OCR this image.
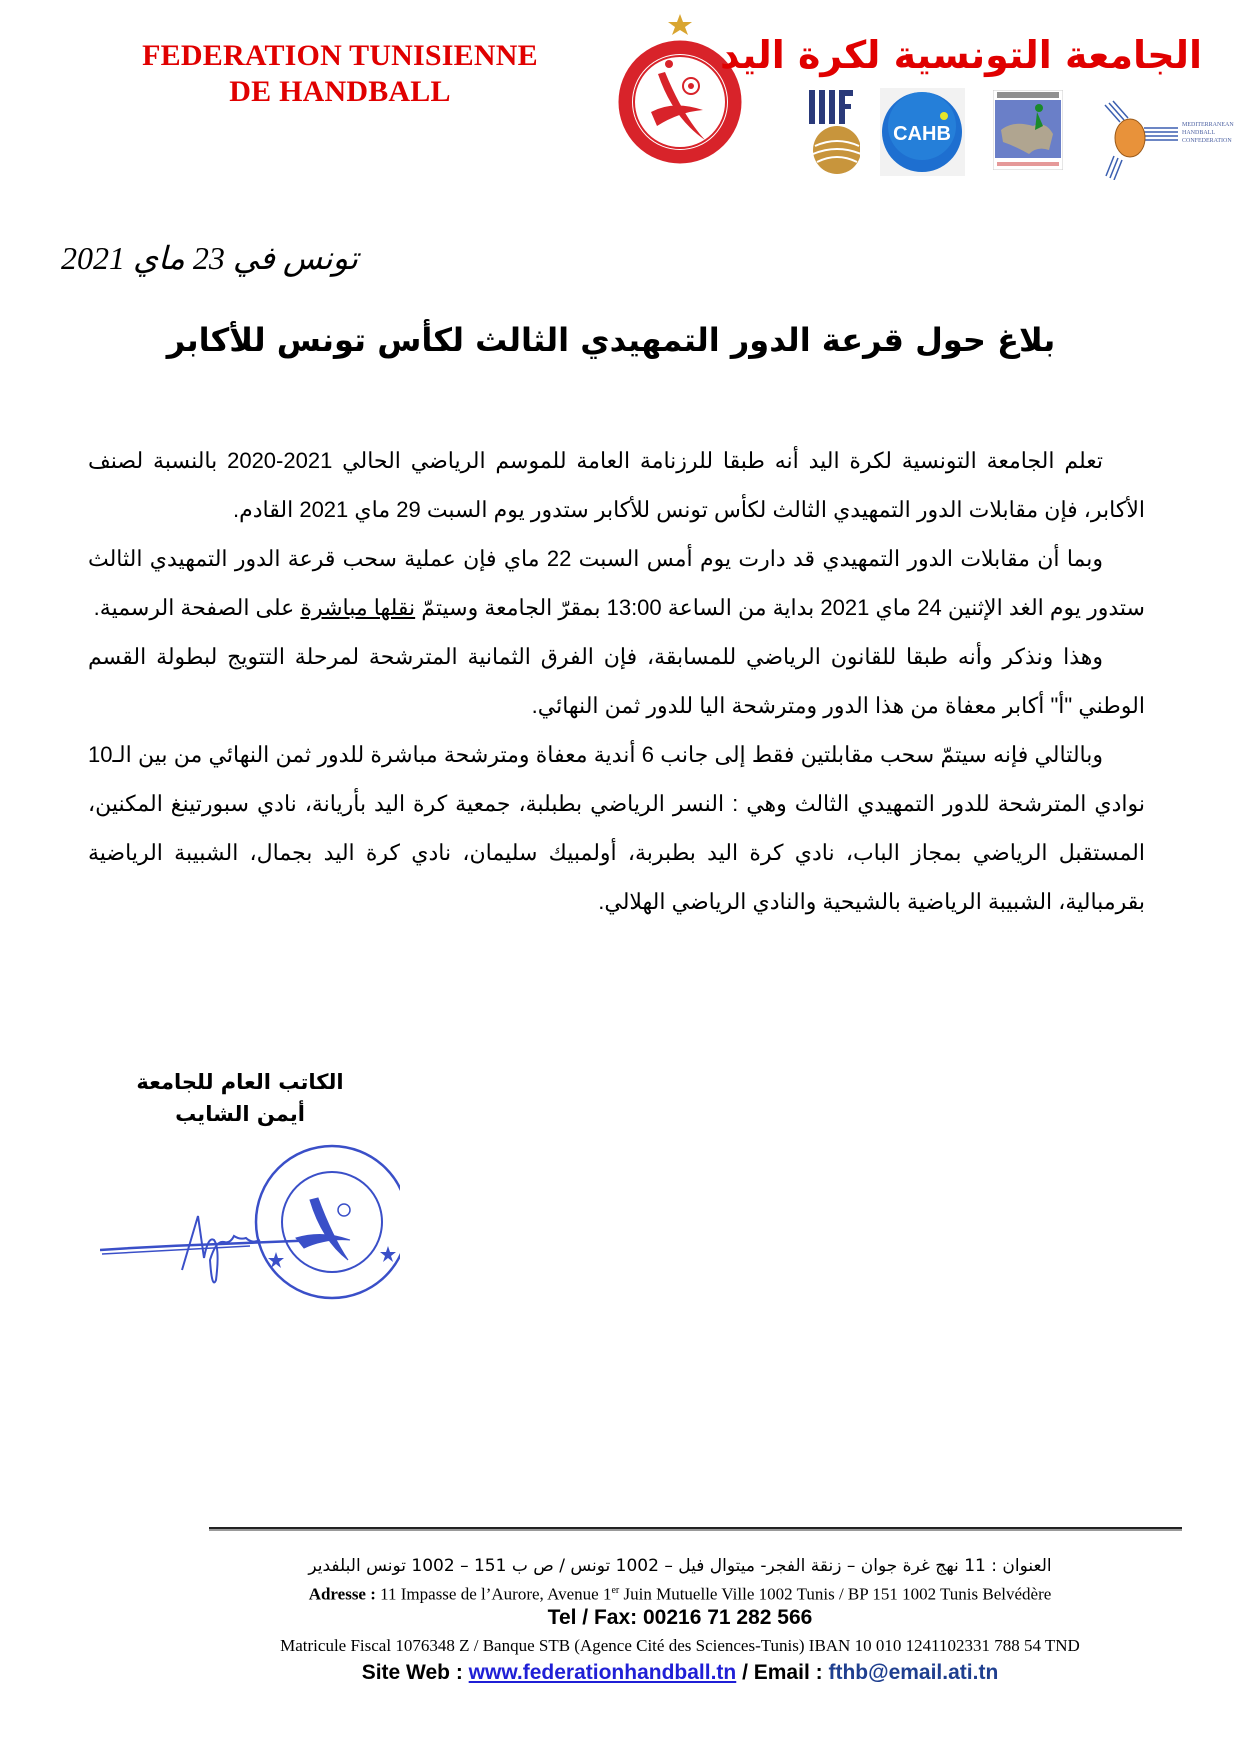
FEDERATION TUNISIENNE
DE HANDBALL
الجامعة التونسية لكرة اليد
CAHB	MEDITERRANEAN
HANDBALL
CONFEDERATION
تونس في 23 ماي 2021
بلاغ حول قرعة الدور التمهيدي الثالث لكأس تونس للأكابر

تعلم الجامعة التونسية لكرة اليد أنه طبقا للرزنامة العامة للموسم الرياضي الحالي 2021-2020 بالنسبة لصنف الأكابر، فإن مقابلات الدور التمهيدي الثالث لكأس تونس للأكابر ستدور يوم السبت 29 ماي 2021 القادم.

وبما أن مقابلات الدور التمهيدي قد دارت يوم أمس السبت 22 ماي فإن عملية سحب قرعة الدور التمهيدي الثالث ستدور يوم الغد الإثنين 24 ماي 2021 بداية من الساعة 13:00 بمقرّ الجامعة وسيتمّ نقلها مباشرة على الصفحة الرسمية.

وهذا ونذكر وأنه طبقا للقانون الرياضي للمسابقة، فإن الفرق الثمانية المترشحة لمرحلة التتويج لبطولة القسم الوطني "أ" أكابر معفاة من هذا الدور ومترشحة اليا للدور ثمن النهائي.

وبالتالي فإنه سيتمّ سحب مقابلتين فقط إلى جانب 6 أندية معفاة ومترشحة مباشرة للدور ثمن النهائي من بين الـ10 نوادي المترشحة للدور التمهيدي الثالث وهي : النسر الرياضي بطبلبة، جمعية كرة اليد بأريانة، نادي سبورتينغ المكنين، المستقبل الرياضي بمجاز الباب، نادي كرة اليد بطبربة، أولمبيك سليمان، نادي كرة اليد بجمال، الشبيبة الرياضية بقرمبالية، الشبيبة الرياضية بالشيحية والنادي الرياضي الهلالي.

الكاتب العام للجامعة
أيمن الشايب
العنوان : 11 نهج غرة جوان – زنقة الفجر- ميتوال فيل – 1002 تونس / ص ب 151 – 1002 تونس البلفدير
Adresse : 11 Impasse de l’Aurore, Avenue 1er Juin Mutuelle Ville 1002 Tunis / BP 151 1002 Tunis Belvédère
Tel / Fax: 00216 71 282 566
Matricule Fiscal 1076348 Z / Banque STB (Agence Cité des Sciences-Tunis) IBAN 10 010 1241102331 788 54 TND
Site Web : www.federationhandball.tn / Email : fthb@email.ati.tn
